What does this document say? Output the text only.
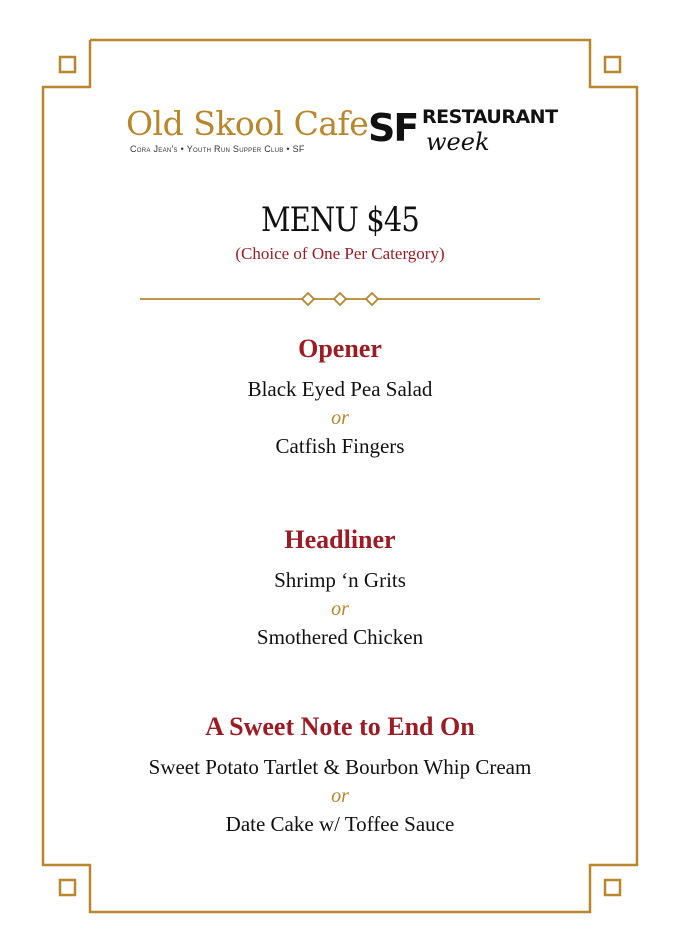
Old Skool Cafe
Cora Jean's • Youth Run Supper Club • SF SF RESTAURANT
week
MENU $45
(Choice of One Per Catergory)
Opener
Black Eyed Pea Salad
or
Catfish Fingers
Headliner
Shrimp ‘n Grits
or
Smothered Chicken
A Sweet Note to End On
Sweet Potato Tartlet & Bourbon Whip Cream
or
Date Cake w/ Toffee Sauce
